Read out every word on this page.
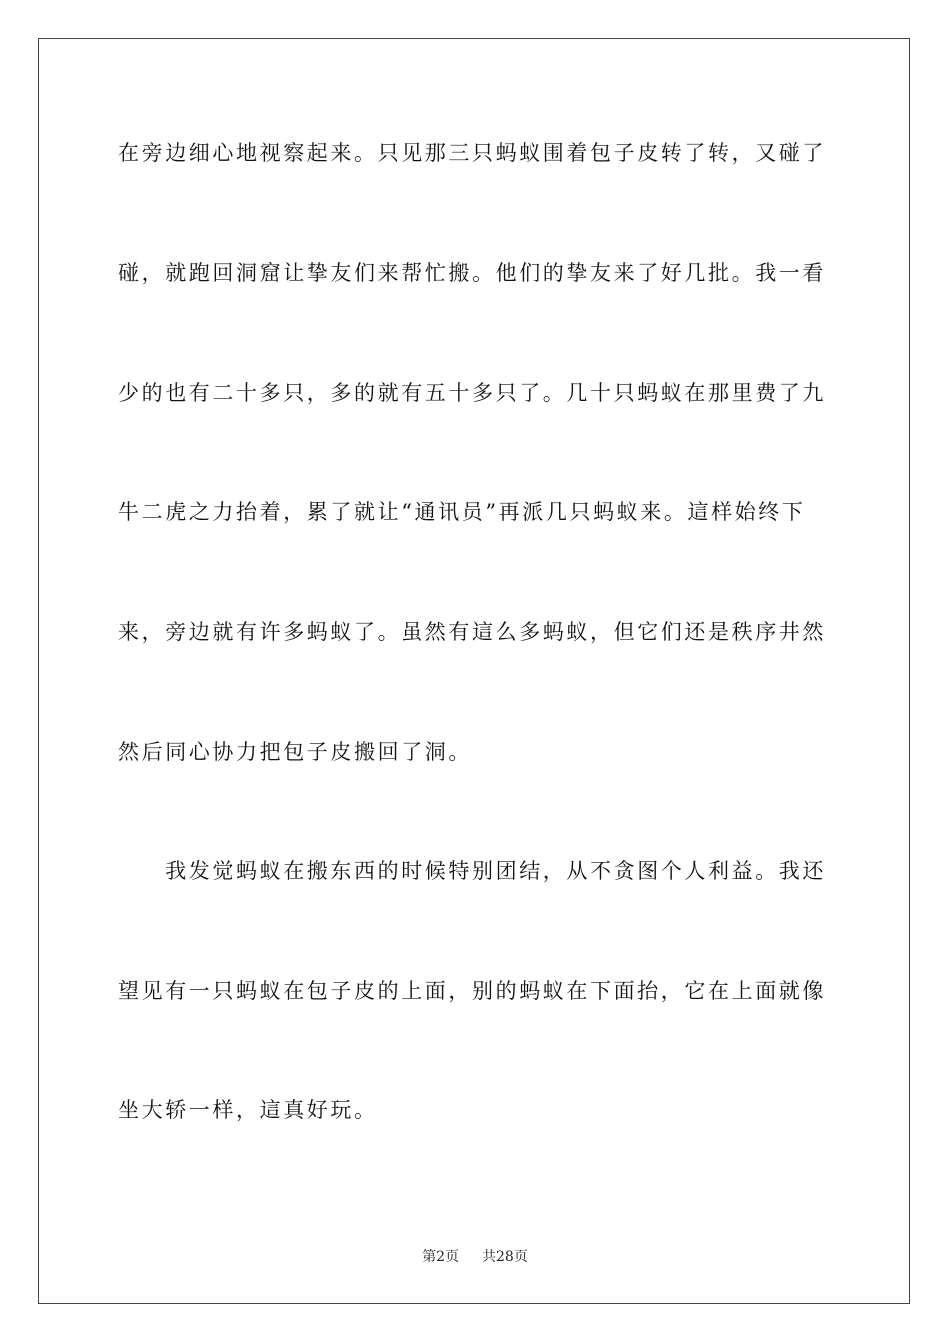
在旁边细心地视察起来。只见那三只蚂蚁围着包子皮转了转，又碰了
碰，就跑回洞窟让挚友们来帮忙搬。他们的挚友来了好几批。我一看
少的也有二十多只，多的就有五十多只了。几十只蚂蚁在那里费了九
牛二虎之力抬着，累了就让“通讯员”再派几只蚂蚁来。這样始终下
来，旁边就有许多蚂蚁了。虽然有這么多蚂蚁，但它们还是秩序井然
然后同心协力把包子皮搬回了洞。
　　我发觉蚂蚁在搬东西的时候特别团结，从不贪图个人利益。我还
望见有一只蚂蚁在包子皮的上面，别的蚂蚁在下面抬，它在上面就像
坐大轿一样，這真好玩。
第2页 共28页
